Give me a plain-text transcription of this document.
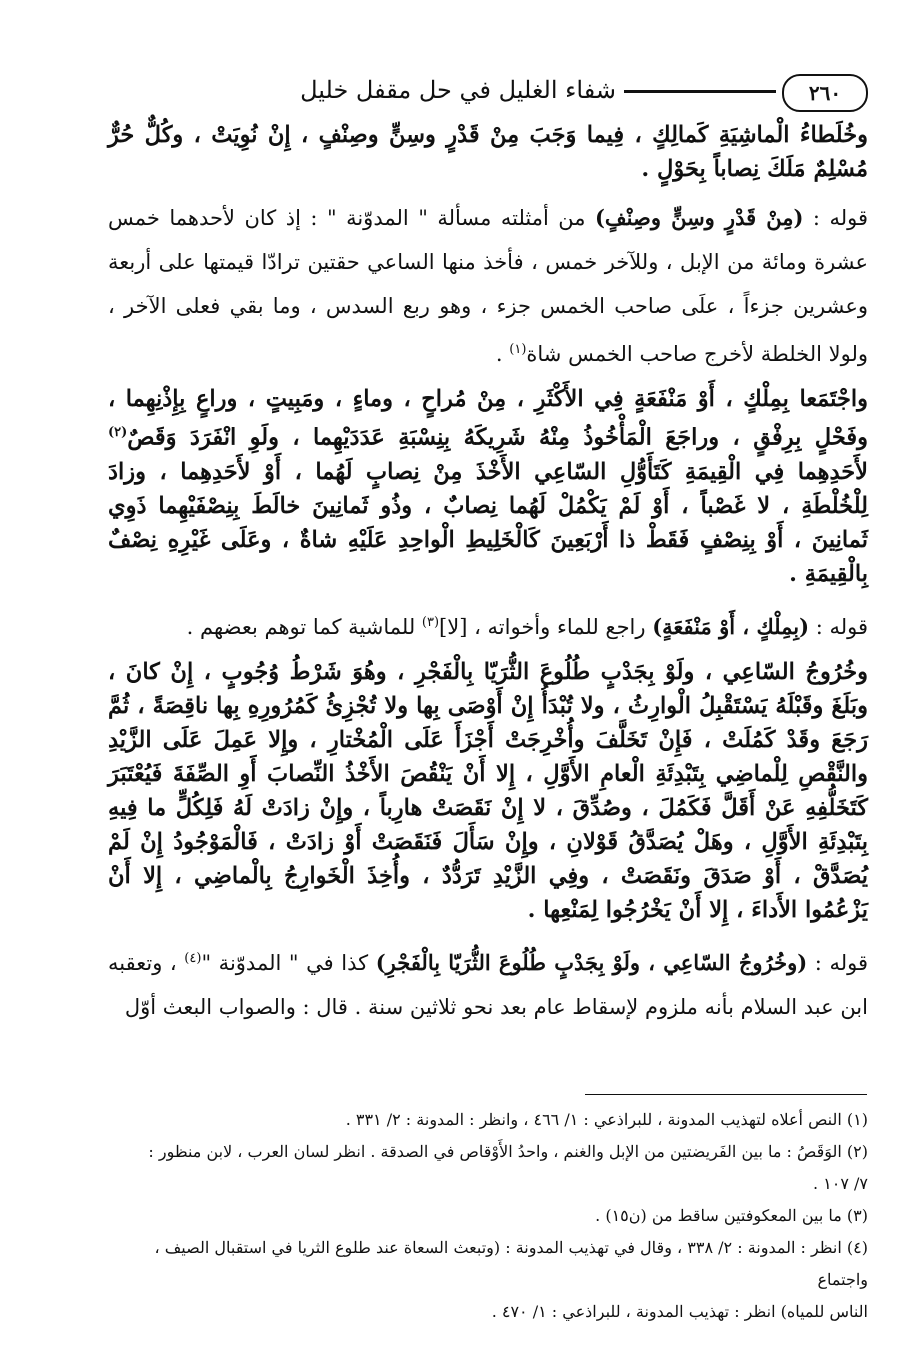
٢٦٠
شفاء الغليل في حل مقفل خليل

وخُلَطاءُ الْماشِيَةِ كَمالِكٍ ، فِيما وَجَبَ مِنْ قَدْرٍ وسِنٍّ وصِنْفٍ ، إِنْ نُوِيَتْ ، وكُلٌّ حُرٌّ مُسْلِمٌ مَلَكَ نِصاباً بِحَوْلٍ .

قوله : (مِنْ قَدْرٍ وسِنٍّ وصِنْفٍ) من أمثلته مسألة " المدوّنة " : إذ كان لأحدهما خمس عشرة ومائة من الإبل ، وللآخر خمس ، فأخذ منها الساعي حقتين ترادّا قيمتها على أربعة وعشرين جزءاً ، علَى صاحب الخمس جزء ، وهو ربع السدس ، وما بقي فعلى الآخر ، ولولا الخلطة لأخرج صاحب الخمس شاة$^{(١)}$ .

واجْتَمَعا بِمِلْكٍ ، أَوْ مَنْفَعَةٍ فِي الأَكْثَرِ ، مِنْ مُراحٍ ، وماءٍ ، ومَبِيتٍ ، وراعٍ بِإِذْنِهِما ، وفَحْلٍ بِرِفْقٍ ، وراجَعَ الْمَأْخُوذُ مِنْهُ شَرِيكَهُ بِنِسْبَةِ عَدَدَيْهِما ، ولَوِ انْفَرَدَ وَقَصٌ$^{(٢)}$ لأَحَدِهِما فِي الْقِيمَةِ كَتَأَوُّلِ السّاعِي الأَخْذَ مِنْ نِصابٍ لَهُما ، أَوْ لأَحَدِهِما ، وزادَ لِلْخُلْطَةِ ، لا غَصْباً ، أَوْ لَمْ يَكْمُلْ لَهُما نِصابٌ ، وذُو ثَمانِينَ خالَطَ بِنِصْفَيْهِما ذَوِي ثَمانِينَ ، أَوْ بِنِصْفٍ فَقَطْ ذا أَرْبَعِينَ كَالْخَلِيطِ الْواحِدِ عَلَيْهِ شاةٌ ، وعَلَى غَيْرِهِ نِصْفٌ بِالْقِيمَةِ .

قوله : (بِمِلْكٍ ، أَوْ مَنْفَعَةٍ) راجع للماء وأخواته ، [لا]$^{(٣)}$ للماشية كما توهم بعضهم .

وخُرُوجُ السّاعِي ، ولَوْ بِجَدْبٍ طُلُوعَ الثُّرَيّا بِالْفَجْرِ ، وهُوَ شَرْطُ وُجُوبٍ ، إِنْ كانَ ، وبَلَغَ وقَبْلَهُ يَسْتَقْبِلُ الْوارِثُ ، ولا تُبْدَأُ إِنْ أَوْصَى بِها ولا تُجْزِئُ كَمُرُورِهِ بِها ناقِصَةً ، ثُمَّ رَجَعَ وقَدْ كَمُلَتْ ، فَإِنْ تَخَلَّفَ وأُخْرِجَتْ أَجْزَأَ عَلَى الْمُخْتارِ ، وإِلا عَمِلَ عَلَى الزَّيْدِ والنَّقْصِ لِلْماضِي بِتَبْدِئَةِ الْعامِ الأَوَّلِ ، إِلا أَنْ يَنْقُصَ الأَخْذُ النِّصابَ أَوِ الصِّفَةَ فَيُعْتَبَرَ كَتَخَلُّفِهِ عَنْ أَقَلَّ فَكَمُلَ ، وصُدِّقَ ، لا إِنْ نَقَصَتْ هارِباً ، وإِنْ زادَتْ لَهُ فَلِكُلٍّ ما فِيهِ بِتَبْدِئَةِ الأَوَّلِ ، وهَلْ يُصَدَّقُ قَوْلانِ ، وإِنْ سَأَلَ فَنَقَصَتْ أَوْ زادَتْ ، فَالْمَوْجُودُ إِنْ لَمْ يُصَدَّقْ ، أَوْ صَدَقَ ونَقَصَتْ ، وفِي الزَّيْدِ تَرَدُّدٌ ، وأُخِذَ الْخَوارِجُ بِالْماضِي ، إِلا أَنْ يَزْعُمُوا الأَداءَ ، إِلا أَنْ يَخْرُجُوا لِمَنْعِها .

قوله : (وخُرُوجُ السّاعِي ، ولَوْ بِجَدْبٍ طُلُوعَ الثُّرَيّا بِالْفَجْرِ) كذا في " المدوّنة "$^{(٤)}$ ، وتعقبه ابن عبد السلام بأنه ملزوم لإسقاط عام بعد نحو ثلاثين سنة . قال : والصواب البعث أوّل

(١) النص أعلاه لتهذيب المدونة ، للبراذعي : ١/ ٤٦٦ ، وانظر : المدونة : ٢/ ٣٣١ .

(٢) الوَقَصُ : ما بين الفَريضتين من الإبل والغنم ، واحدُ الأَوْقاص في الصدقة . انظر لسان العرب ، لابن منظور : ٧/ ١٠٧ .

(٣) ما بين المعكوفتين ساقط من (ن١٥) .

(٤) انظر : المدونة : ٢/ ٣٣٨ ، وقال في تهذيب المدونة : (وتبعث السعاة عند طلوع الثريا في استقبال الصيف ، واجتماع

الناس للمياه) انظر : تهذيب المدونة ، للبراذعي : ١/ ٤٧٠ .
